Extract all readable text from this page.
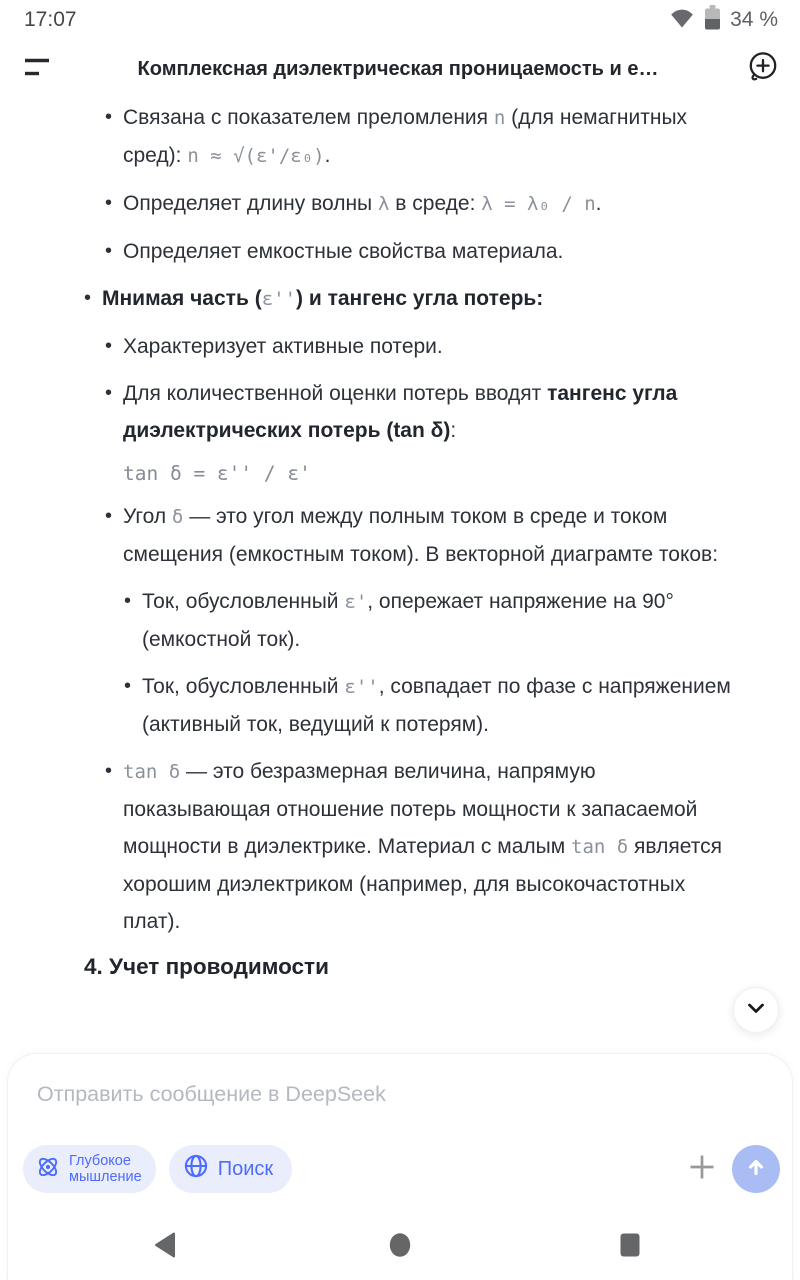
17:07	34 %
Комплексная диэлектрическая проницаемость и е…
• Связана с показателем преломления n (для немагнитных сред): n ≈ √(ε'/ε₀).
• Определяет длину волны λ в среде: λ = λ₀ / n.
• Определяет емкостные свойства материала.
• Мнимая часть (ε'') и тангенс угла потерь:
• Характеризует активные потери.
• Для количественной оценки потерь вводят тангенс угла диэлектрических потерь (tan δ):
tan δ = ε'' / ε'
• Угол δ — это угол между полным током в среде и током смещения (емкостным током). В векторной диаграмте токов:
• Ток, обусловленный ε', опережает напряжение на 90° (емкостной ток).
• Ток, обусловленный ε'', совпадает по фазе с напряжением (активный ток, ведущий к потерям).
• tan δ — это безразмерная величина, напрямую показывающая отношение потерь мощности к запасаемой мощности в диэлектрике. Материал с малым tan δ является хорошим диэлектриком (например, для высокочастотных плат).
4. Учет проводимости
Отправить сообщение в DeepSeek
Глубокое
мышление	Поиск
